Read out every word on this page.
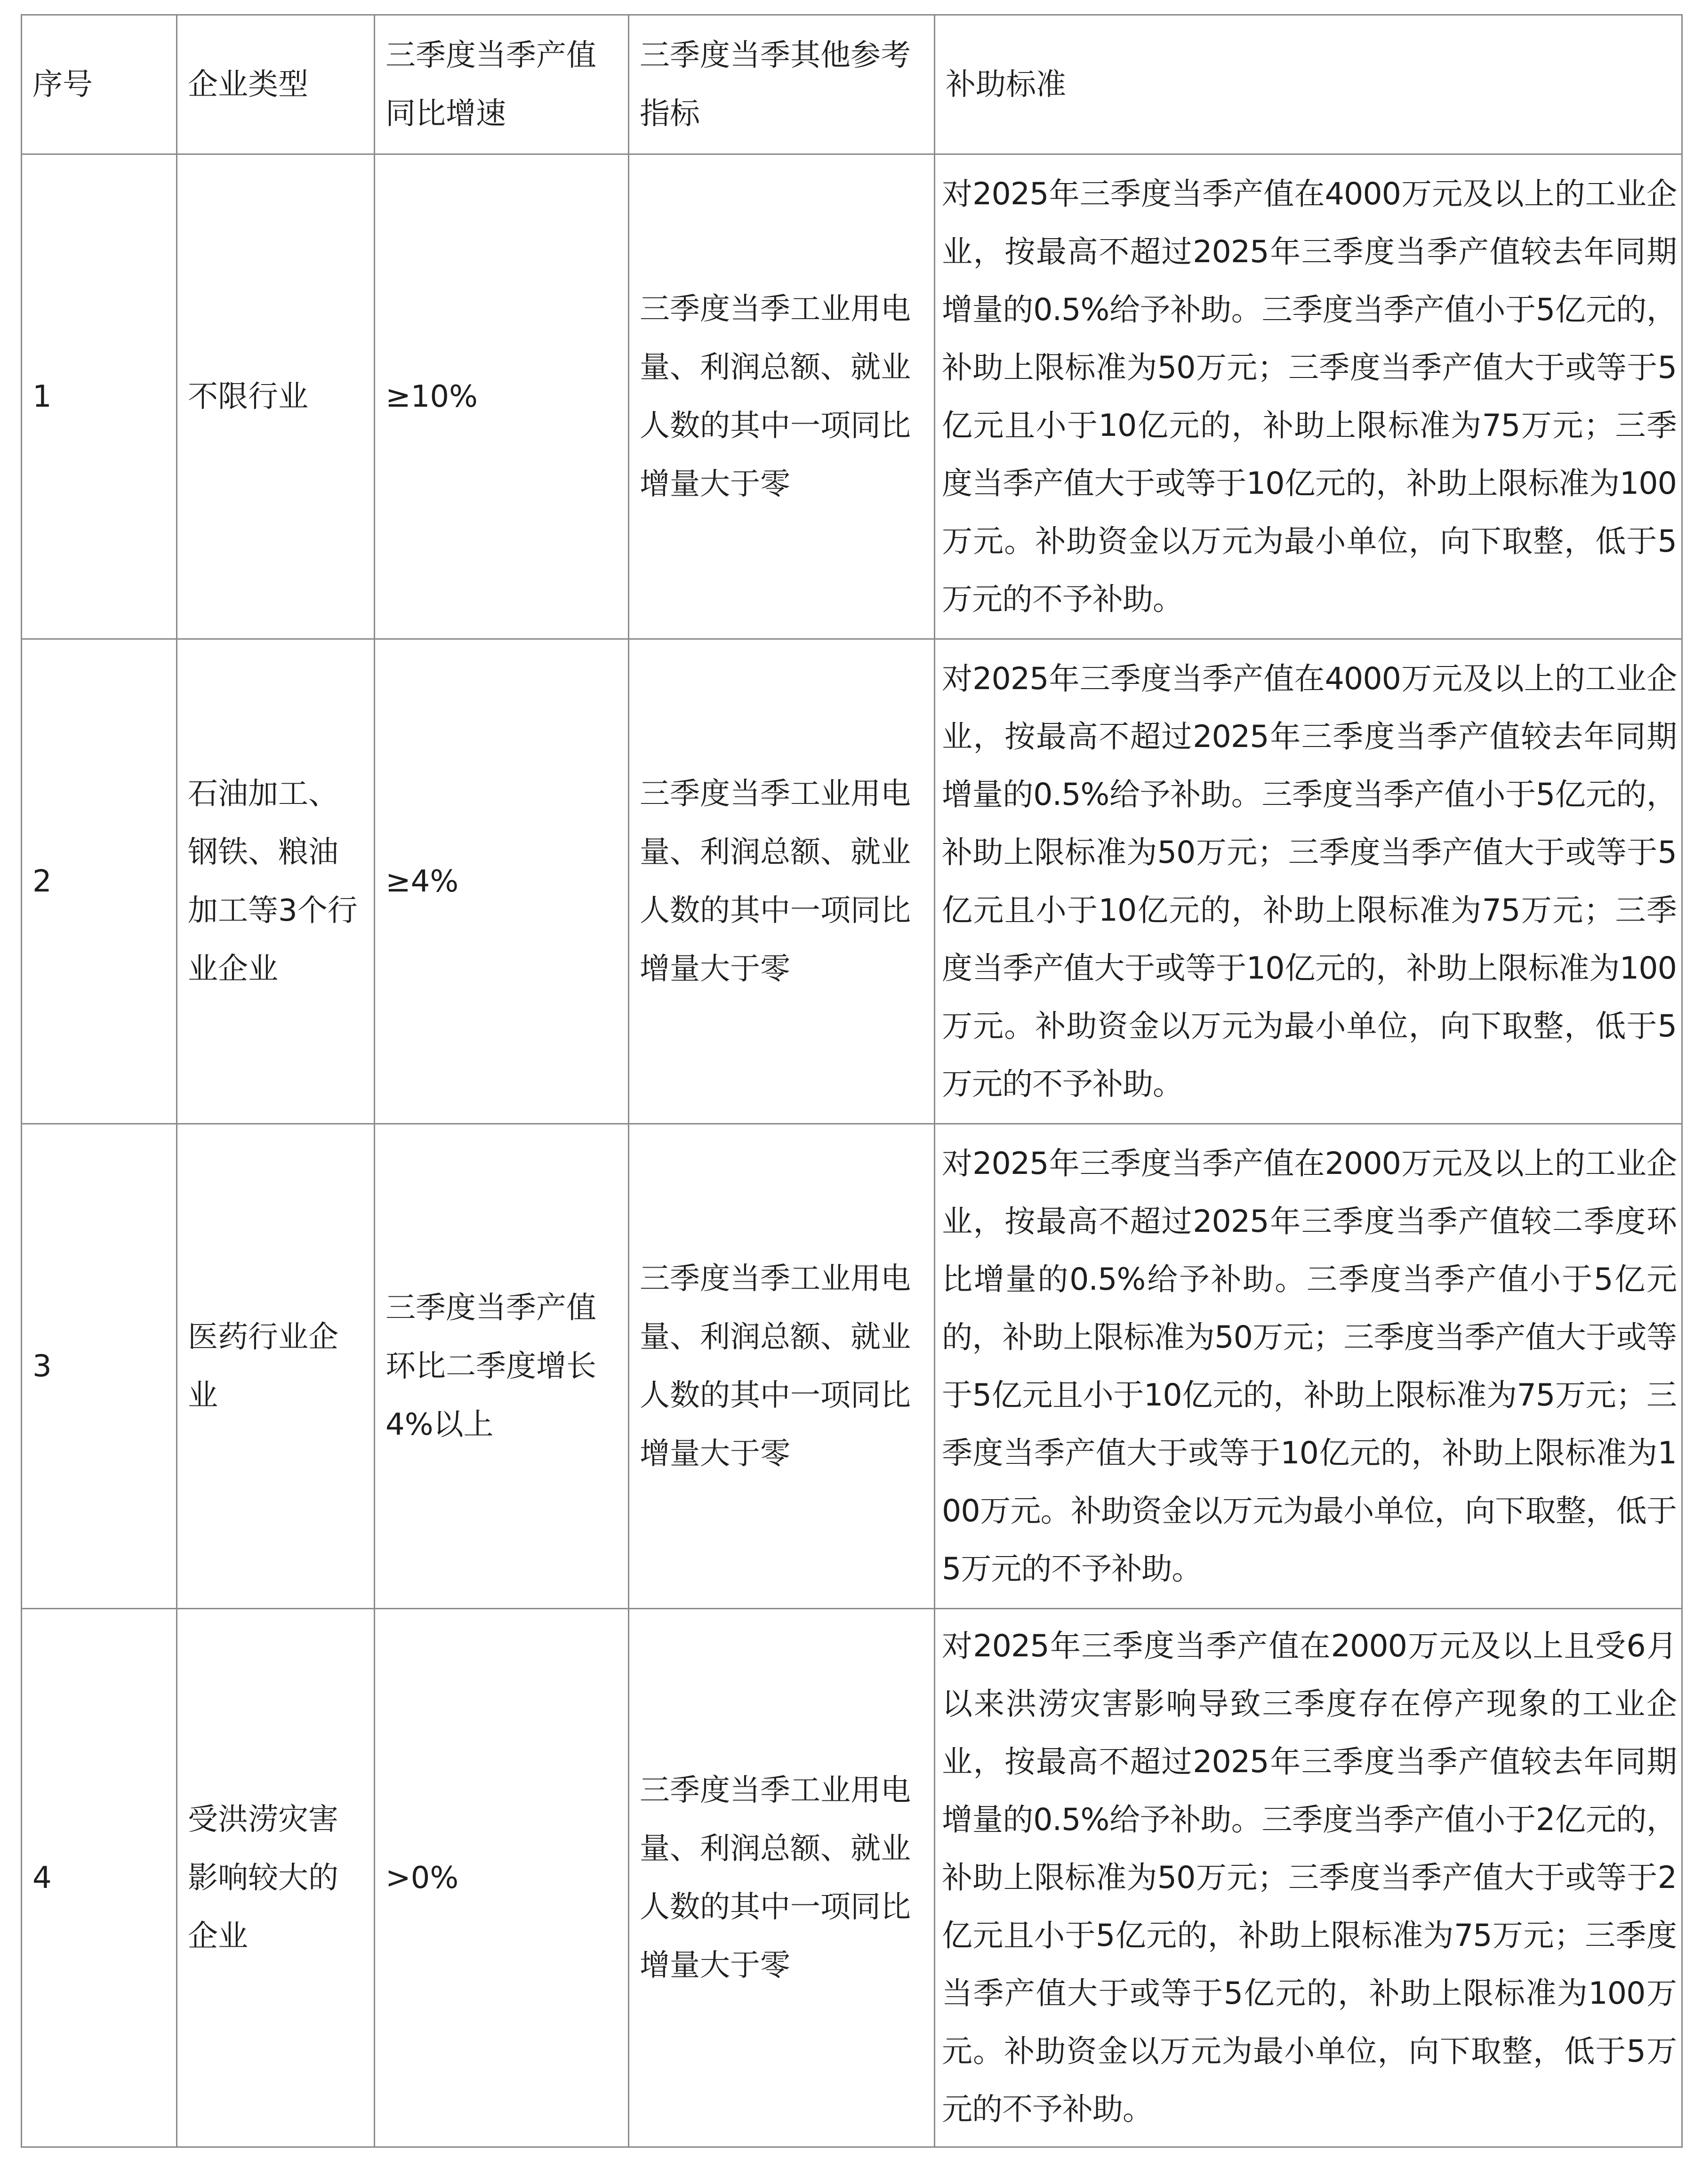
序号	企业类型	三季度当季产值同比增速	三季度当季其他参考指标	补助标准
1	不限行业	≥10%	三季度当季工业用电量、利润总额、就业人数的其中一项同比增量大于零	对2025年三季度当季产值在4000万元及以上的工业企业，按最高不超过2025年三季度当季产值较去年同期增量的0.5%给予补助。三季度当季产值小于5亿元的，补助上限标准为50万元；三季度当季产值大于或等于5亿元且小于10亿元的，补助上限标准为75万元；三季度当季产值大于或等于10亿元的，补助上限标准为100万元。补助资金以万元为最小单位，向下取整，低于5万元的不予补助。
2	石油加工、钢铁、粮油加工等3个行业企业	≥4%	三季度当季工业用电量、利润总额、就业人数的其中一项同比增量大于零	对2025年三季度当季产值在4000万元及以上的工业企业，按最高不超过2025年三季度当季产值较去年同期增量的0.5%给予补助。三季度当季产值小于5亿元的，补助上限标准为50万元；三季度当季产值大于或等于5亿元且小于10亿元的，补助上限标准为75万元；三季度当季产值大于或等于10亿元的，补助上限标准为100万元。补助资金以万元为最小单位，向下取整，低于5万元的不予补助。
3	医药行业企业	三季度当季产值环比二季度增长4%以上	三季度当季工业用电量、利润总额、就业人数的其中一项同比增量大于零	对2025年三季度当季产值在2000万元及以上的工业企业，按最高不超过2025年三季度当季产值较二季度环比增量的0.5%给予补助。三季度当季产值小于5亿元的，补助上限标准为50万元；三季度当季产值大于或等于5亿元且小于10亿元的，补助上限标准为75万元；三季度当季产值大于或等于10亿元的，补助上限标准为100万元。补助资金以万元为最小单位，向下取整，低于5万元的不予补助。
4	受洪涝灾害影响较大的企业	>0%	三季度当季工业用电量、利润总额、就业人数的其中一项同比增量大于零	对2025年三季度当季产值在2000万元及以上且受6月以来洪涝灾害影响导致三季度存在停产现象的工业企业，按最高不超过2025年三季度当季产值较去年同期增量的0.5%给予补助。三季度当季产值小于2亿元的，补助上限标准为50万元；三季度当季产值大于或等于2亿元且小于5亿元的，补助上限标准为75万元；三季度当季产值大于或等于5亿元的，补助上限标准为100万元。补助资金以万元为最小单位，向下取整，低于5万元的不予补助。
